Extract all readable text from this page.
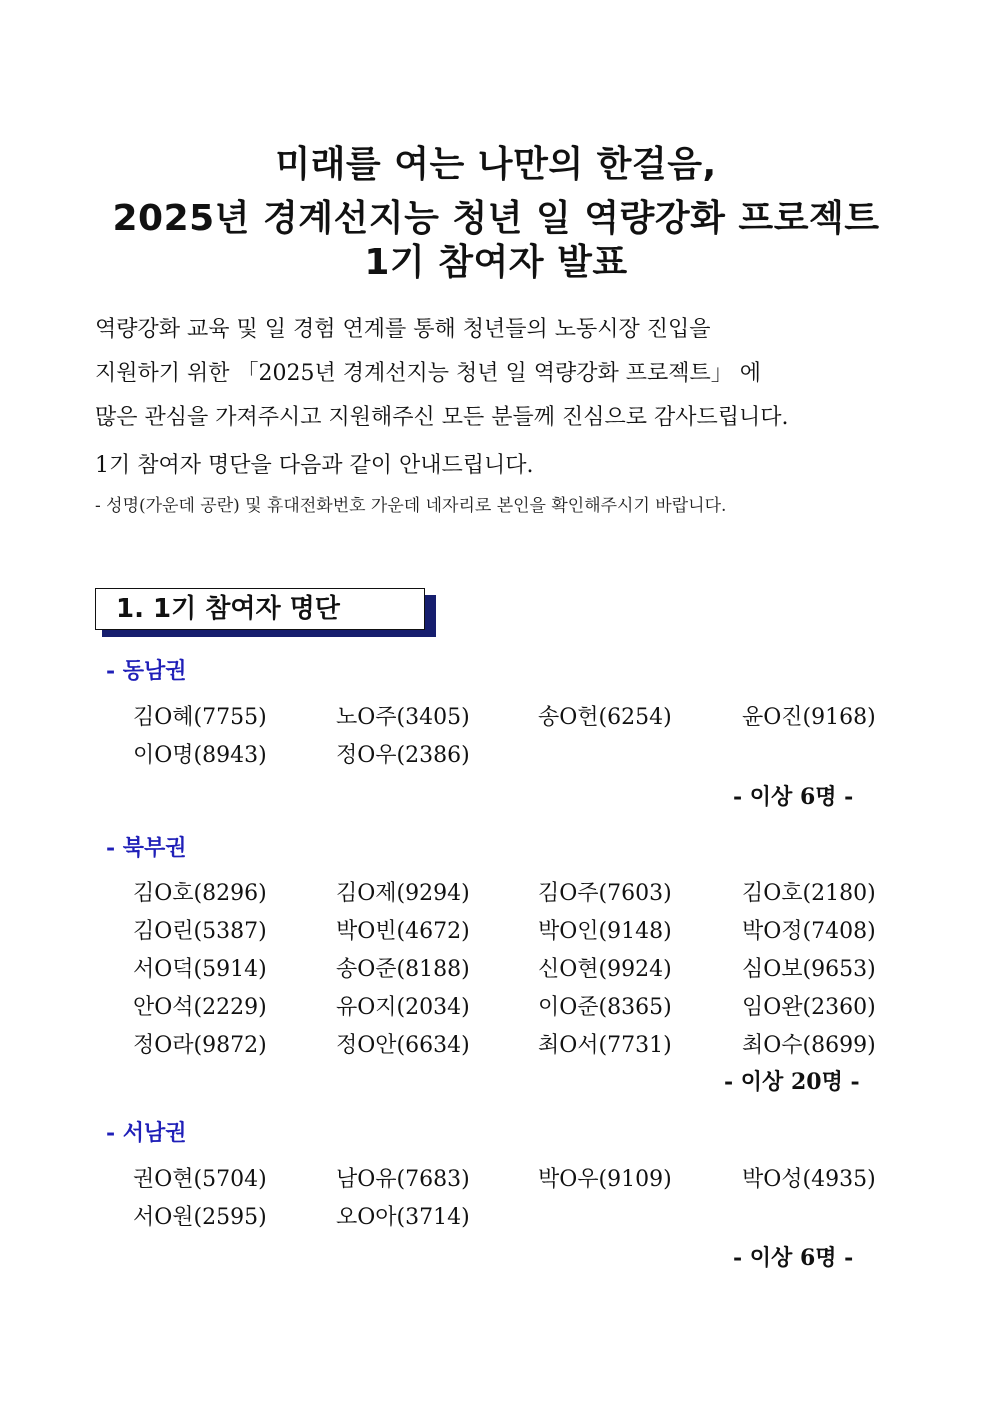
미래를 여는 나만의 한걸음,
2025년 경계선지능 청년 일 역량강화 프로젝트
1기 참여자 발표
역량강화 교육 및 일 경험 연계를 통해 청년들의 노동시장 진입을
지원하기 위한 「2025년 경계선지능 청년 일 역량강화 프로젝트」 에
많은 관심을 가져주시고 지원해주신 모든 분들께 진심으로 감사드립니다.
1기 참여자 명단을 다음과 같이 안내드립니다.
- 성명(가운데 공란) 및 휴대전화번호 가운데 네자리로 본인을 확인해주시기 바랍니다.
1. 1기 참여자 명단
- 동남권
김O혜(7755)	노O주(3405)	송O헌(6254)	윤O진(9168)
이O명(8943)	정O우(2386)
- 이상 6명 -
- 북부권
김O호(8296)	김O제(9294)	김O주(7603)	김O호(2180)
김O린(5387)	박O빈(4672)	박O인(9148)	박O정(7408)
서O덕(5914)	송O준(8188)	신O현(9924)	심O보(9653)
안O석(2229)	유O지(2034)	이O준(8365)	임O완(2360)
정O라(9872)	정O안(6634)	최O서(7731)	최O수(8699)
- 이상 20명 -
- 서남권
권O현(5704)	남O유(7683)	박O우(9109)	박O성(4935)
서O원(2595)	오O아(3714)
- 이상 6명 -
